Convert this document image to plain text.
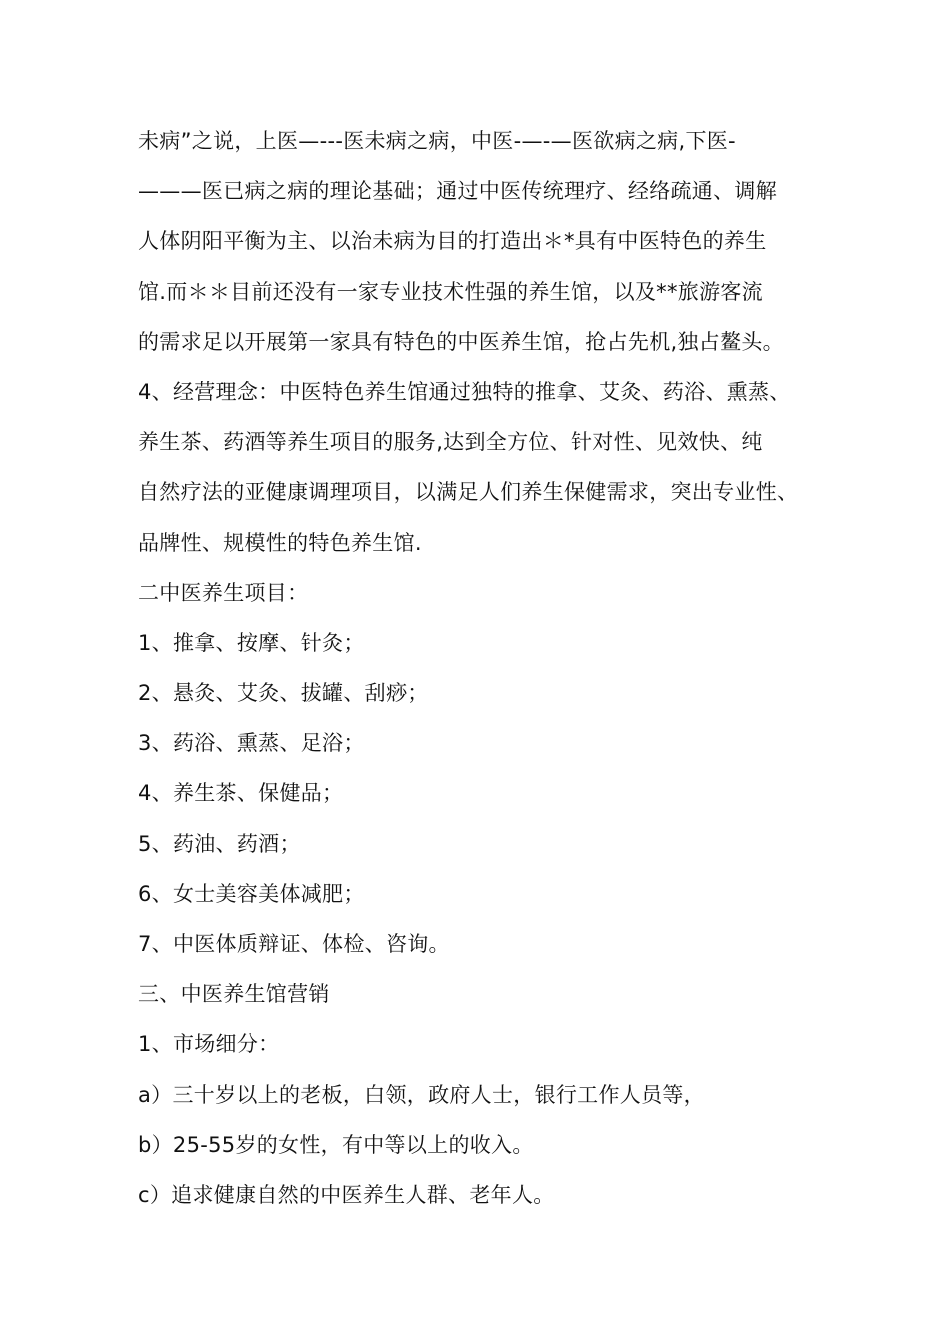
未病”之说，上医—---医未病之病，中医-—-—医欲病之病,下医-
———医已病之病的理论基础；通过中医传统理疗、经络疏通、调解
人体阴阳平衡为主、以治未病为目的打造出＊*具有中医特色的养生
馆.而＊＊目前还没有一家专业技术性强的养生馆，以及**旅游客流
的需求足以开展第一家具有特色的中医养生馆，抢占先机,独占鳌头。
4、经营理念：中医特色养生馆通过独特的推拿、艾灸、药浴、熏蒸、
养生茶、药酒等养生项目的服务,达到全方位、针对性、见效快、纯
自然疗法的亚健康调理项目，以满足人们养生保健需求，突出专业性、
品牌性、规模性的特色养生馆.
二中医养生项目：
1、推拿、按摩、针灸；
2、悬灸、艾灸、拔罐、刮痧；
3、药浴、熏蒸、足浴；
4、养生茶、保健品；
5、药油、药酒；
6、女士美容美体减肥；
7、中医体质辩证、体检、咨询。
三、中医养生馆营销
1、市场细分：
a）三十岁以上的老板，白领，政府人士，银行工作人员等，
b）25-55岁的女性，有中等以上的收入。
c）追求健康自然的中医养生人群、老年人。
